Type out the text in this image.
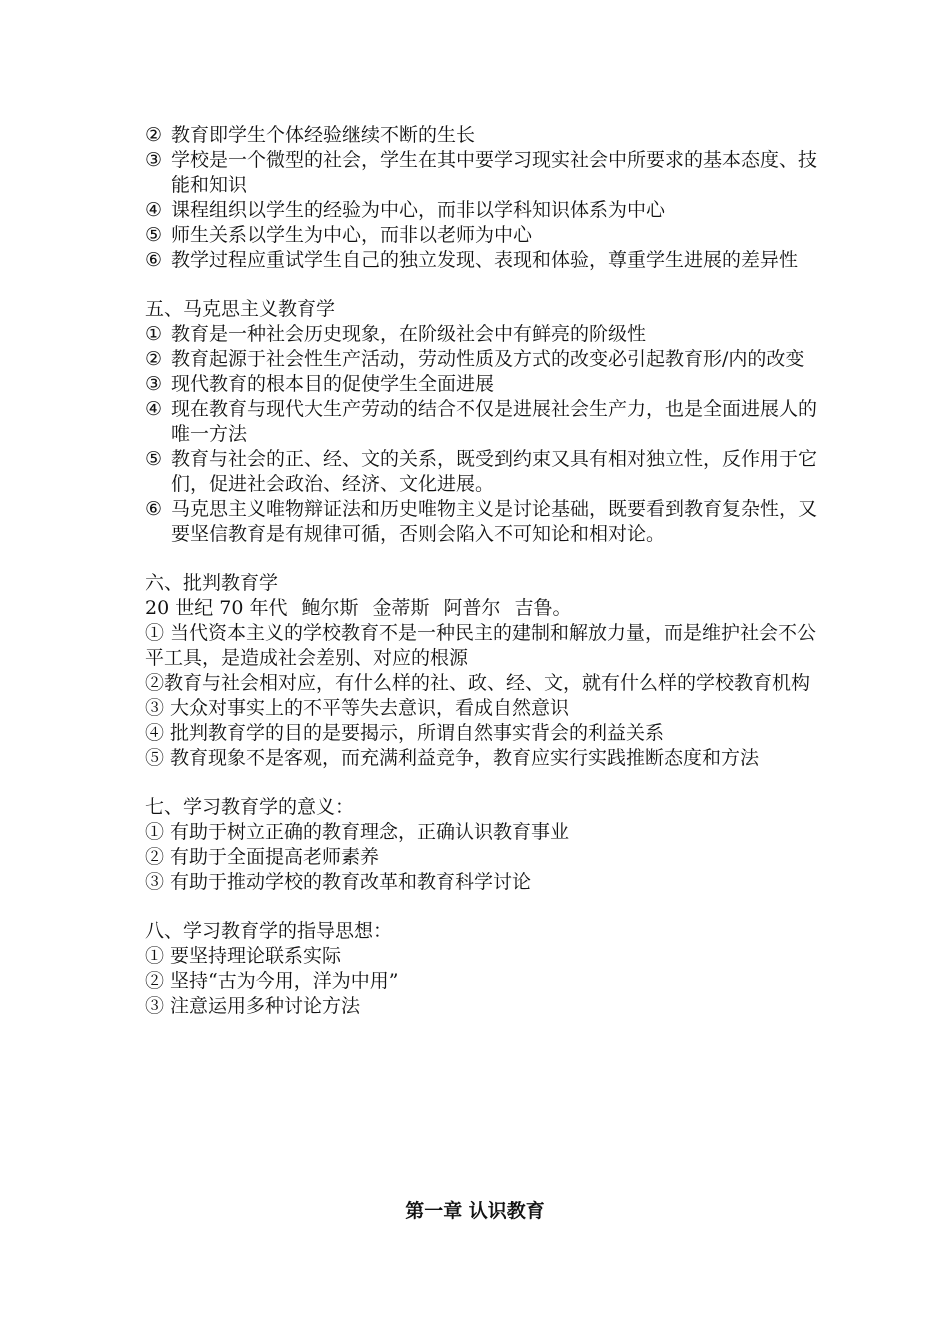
② 教育即学生个体经验继续不断的生长
③ 学校是一个微型的社会，学生在其中要学习现实社会中所要求的基本态度、技能和知识
④ 课程组织以学生的经验为中心，而非以学科知识体系为中心
⑤ 师生关系以学生为中心，而非以老师为中心
⑥ 教学过程应重试学生自己的独立发现、表现和体验，尊重学生进展的差异性
五、马克思主义教育学
① 教育是一种社会历史现象，在阶级社会中有鲜亮的阶级性
② 教育起源于社会性生产活动，劳动性质及方式的改变必引起教育形/内的改变
③ 现代教育的根本目的促使学生全面进展
④ 现在教育与现代大生产劳动的结合不仅是进展社会生产力，也是全面进展人的唯一方法
⑤ 教育与社会的正、经、文的关系，既受到约束又具有相对独立性，反作用于它们，促进社会政治、经济、文化进展。
⑥ 马克思主义唯物辩证法和历史唯物主义是讨论基础，既要看到教育复杂性，又要坚信教育是有规律可循，否则会陷入不可知论和相对论。
六、批判教育学
20 世纪 70 年代 鲍尔斯 金蒂斯 阿普尔 吉鲁。
① 当代资本主义的学校教育不是一种民主的建制和解放力量，而是维护社会不公平工具，是造成社会差别、对应的根源
②教育与社会相对应，有什么样的社、政、经、文，就有什么样的学校教育机构
③ 大众对事实上的不平等失去意识，看成自然意识
④ 批判教育学的目的是要揭示，所谓自然事实背会的利益关系
⑤ 教育现象不是客观，而充满利益竞争，教育应实行实践推断态度和方法
七、学习教育学的意义：
① 有助于树立正确的教育理念，正确认识教育事业
② 有助于全面提高老师素养
③ 有助于推动学校的教育改革和教育科学讨论
八、学习教育学的指导思想：
① 要坚持理论联系实际
② 坚持“古为今用，洋为中用”
③ 注意运用多种讨论方法
第一章 认识教育
